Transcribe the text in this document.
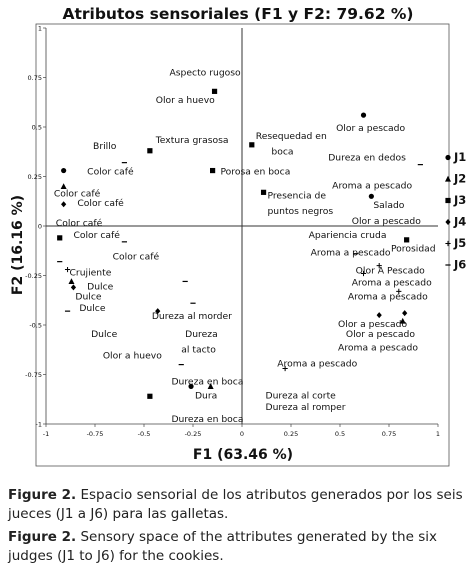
Atributos sensoriales (F1 y F2: 79.62 %)
-1	-0.75	-0.5	-0.25	0	0.25	0.5	0.75	1
1
0.75
0.5
0.25
0
-0.25
-0.5
-0.75
-1
Aspecto rugoso
Olor a huevo
Olor a pescado
Resequedad en
boca
Textura grasosa
Brillo
Dureza en dedos
Color café	Porosa en boca
Aroma a pescado
Color café	Presencia de
puntos negros
Color café	Salado
Olor a pescado
Color café
Apariencia cruda
Color café
Aroma a pescado Porosidad
Color café
Olor A Pescado
Crujiente
Aroma a pescado
Dulce
Aroma a pescado
Dulce
Dulce
Dureza al morder
Olor a pescado
Olor a pescado
Dulce	Dureza
Aroma a pescado
al tacto
Olor a huevo
Aroma a pescado
Dureza en boca
Dura	Dureza al corte
Dureza al romper
Dureza en boca
J1
J2
J3
J4
J5
J6
F1 (63.46 %)
F2 (16.16 %)
Figure 2. Espacio sensorial de los atributos generados por los seis jueces (J1 a J6) para las galletas.
Figure 2. Sensory space of the attributes generated by the six judges (J1 to J6) for the cookies.
